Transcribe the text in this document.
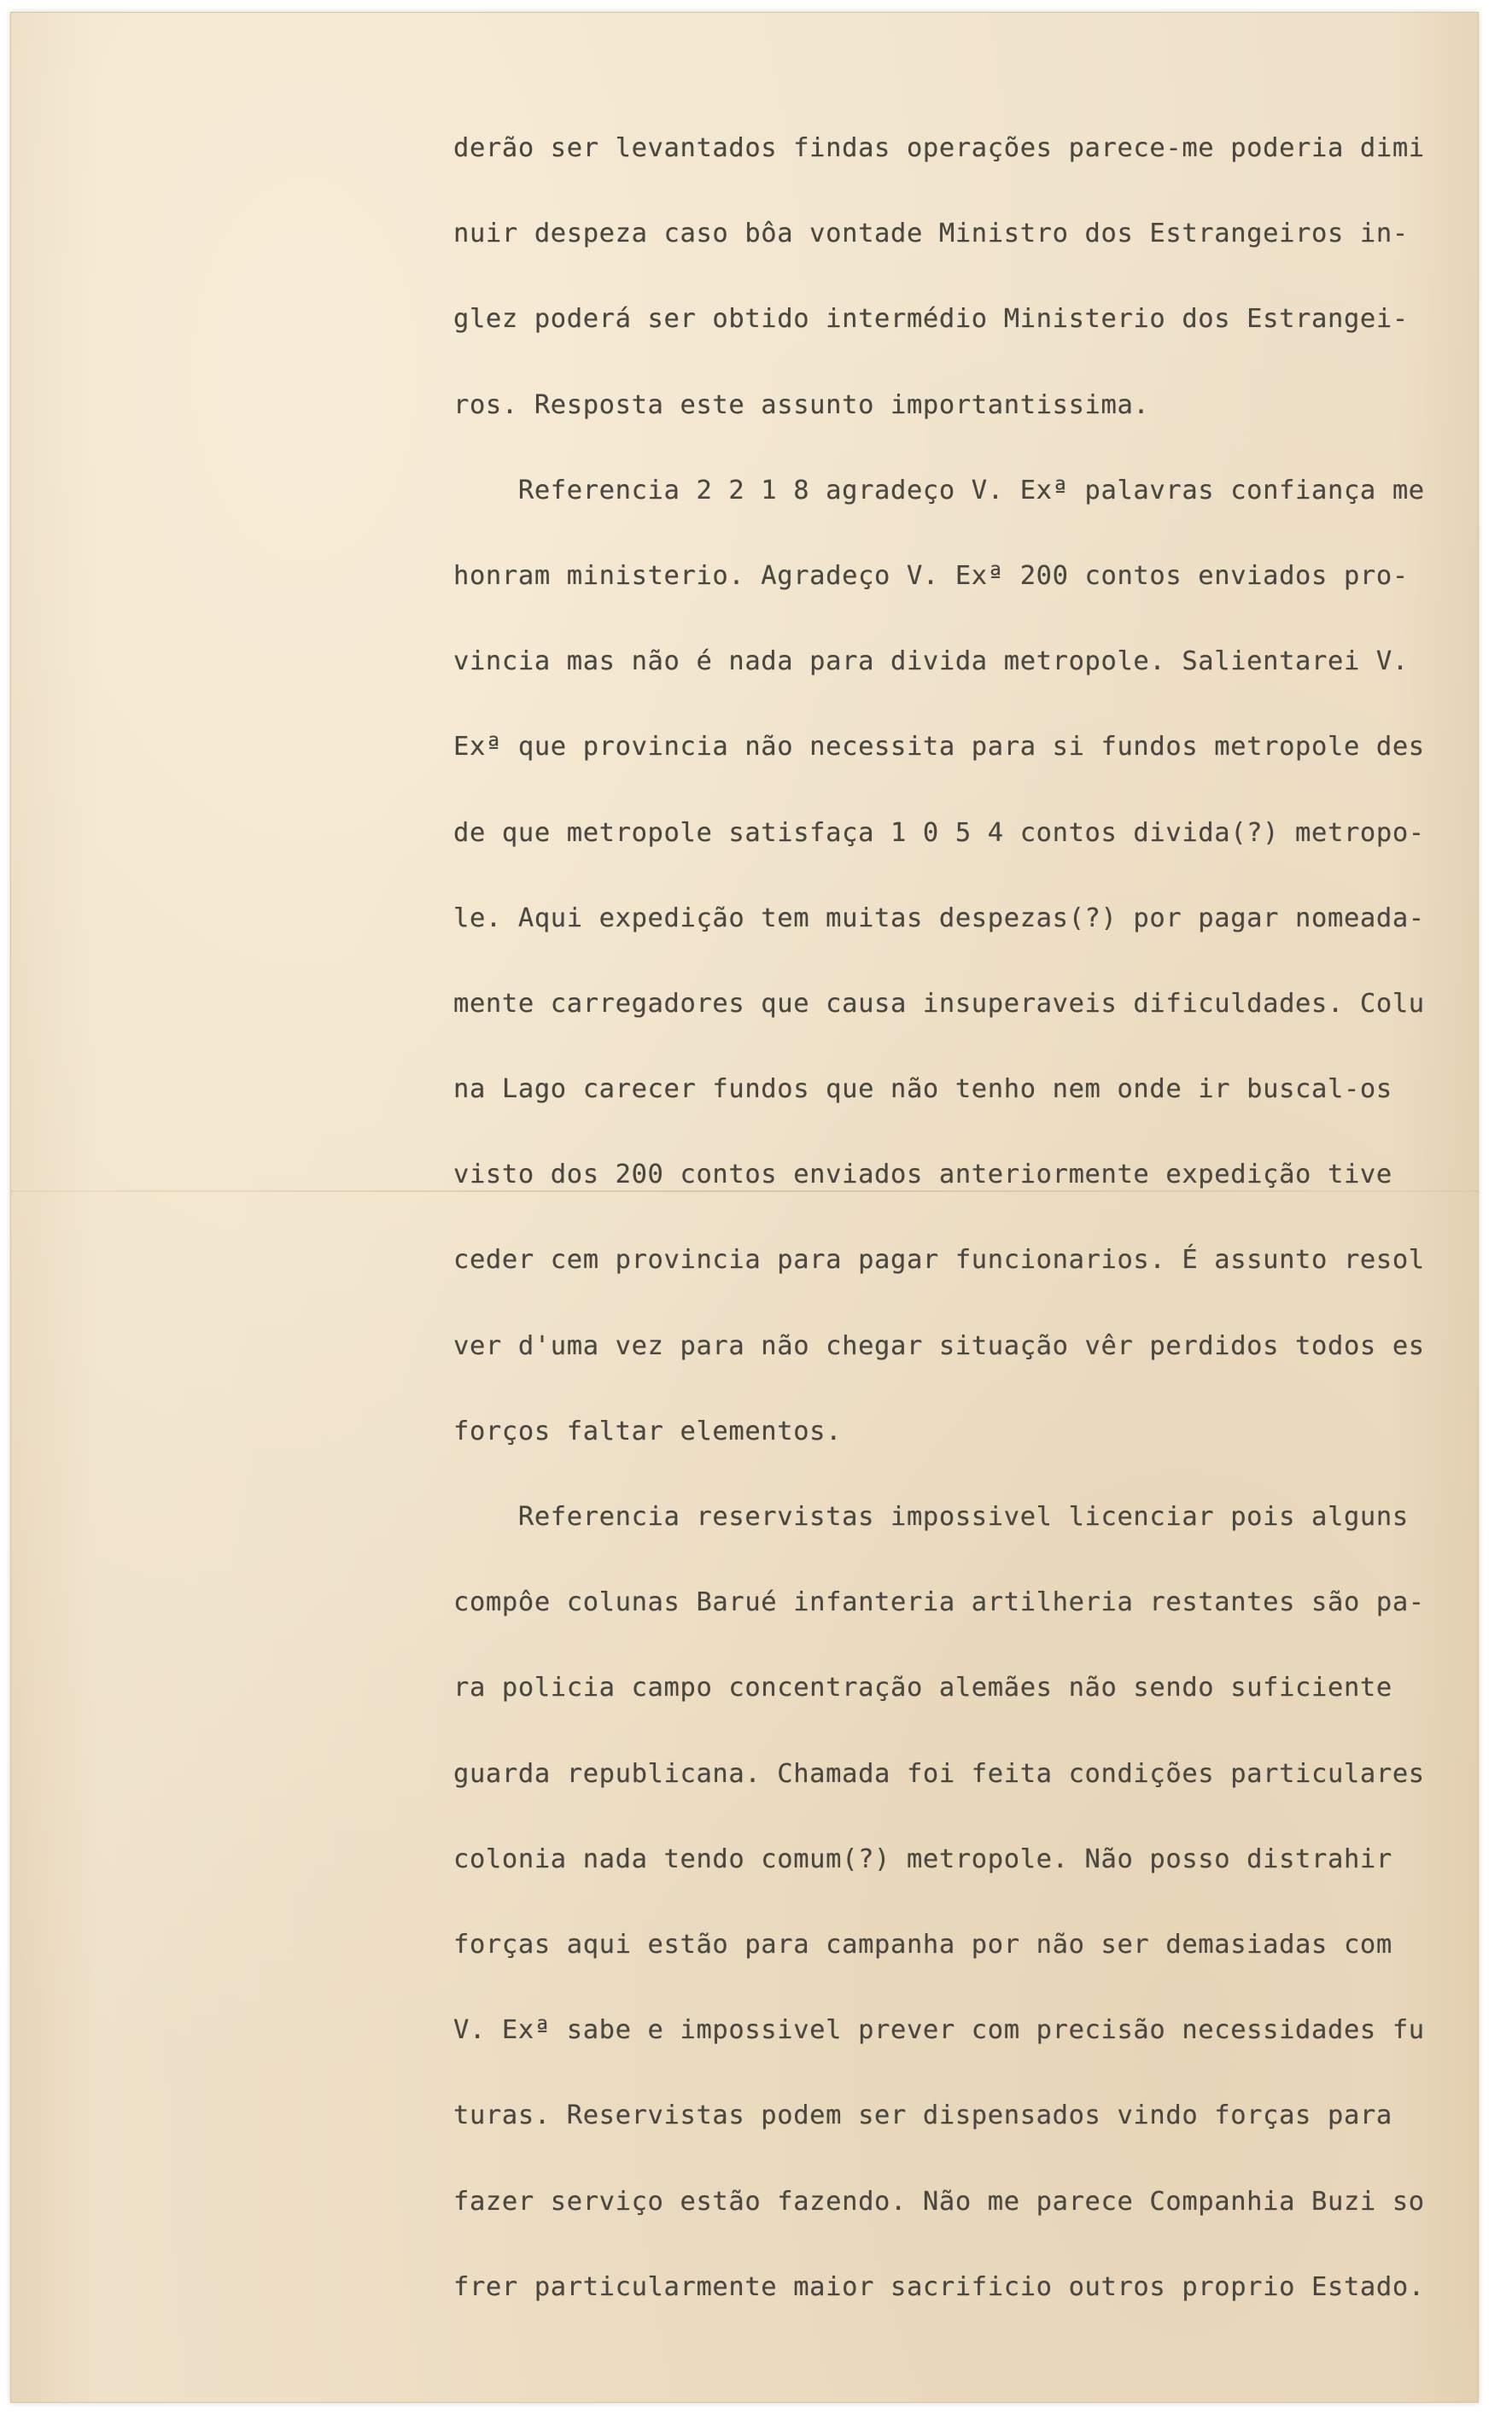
derão ser levantados findas operações parece-me poderia dimi
nuir despeza caso bôa vontade Ministro dos Estrangeiros in-
glez poderá ser obtido intermédio Ministerio dos Estrangei-
ros. Resposta este assunto importantissima.
Referencia 2 2 1 8 agradeço V. Exª palavras confiança me
honram ministerio. Agradeço V. Exª 200 contos enviados pro-
vincia mas não é nada para divida metropole. Salientarei V.
Exª que provincia não necessita para si fundos metropole des
de que metropole satisfaça 1 0 5 4 contos divida(?) metropo-
le. Aqui expedição tem muitas despezas(?) por pagar nomeada-
mente carregadores que causa insuperaveis dificuldades. Colu
na Lago carecer fundos que não tenho nem onde ir buscal-os
visto dos 200 contos enviados anteriormente expedição tive
ceder cem provincia para pagar funcionarios. É assunto resol
ver d'uma vez para não chegar situação vêr perdidos todos es
forços faltar elementos.
Referencia reservistas impossivel licenciar pois alguns
compôe colunas Barué infanteria artilheria restantes são pa-
ra policia campo concentração alemães não sendo suficiente
guarda republicana. Chamada foi feita condições particulares
colonia nada tendo comum(?) metropole. Não posso distrahir
forças aqui estão para campanha por não ser demasiadas com
V. Exª sabe e impossivel prever com precisão necessidades fu
turas. Reservistas podem ser dispensados vindo forças para
fazer serviço estão fazendo. Não me parece Companhia Buzi so
frer particularmente maior sacrificio outros proprio Estado.
